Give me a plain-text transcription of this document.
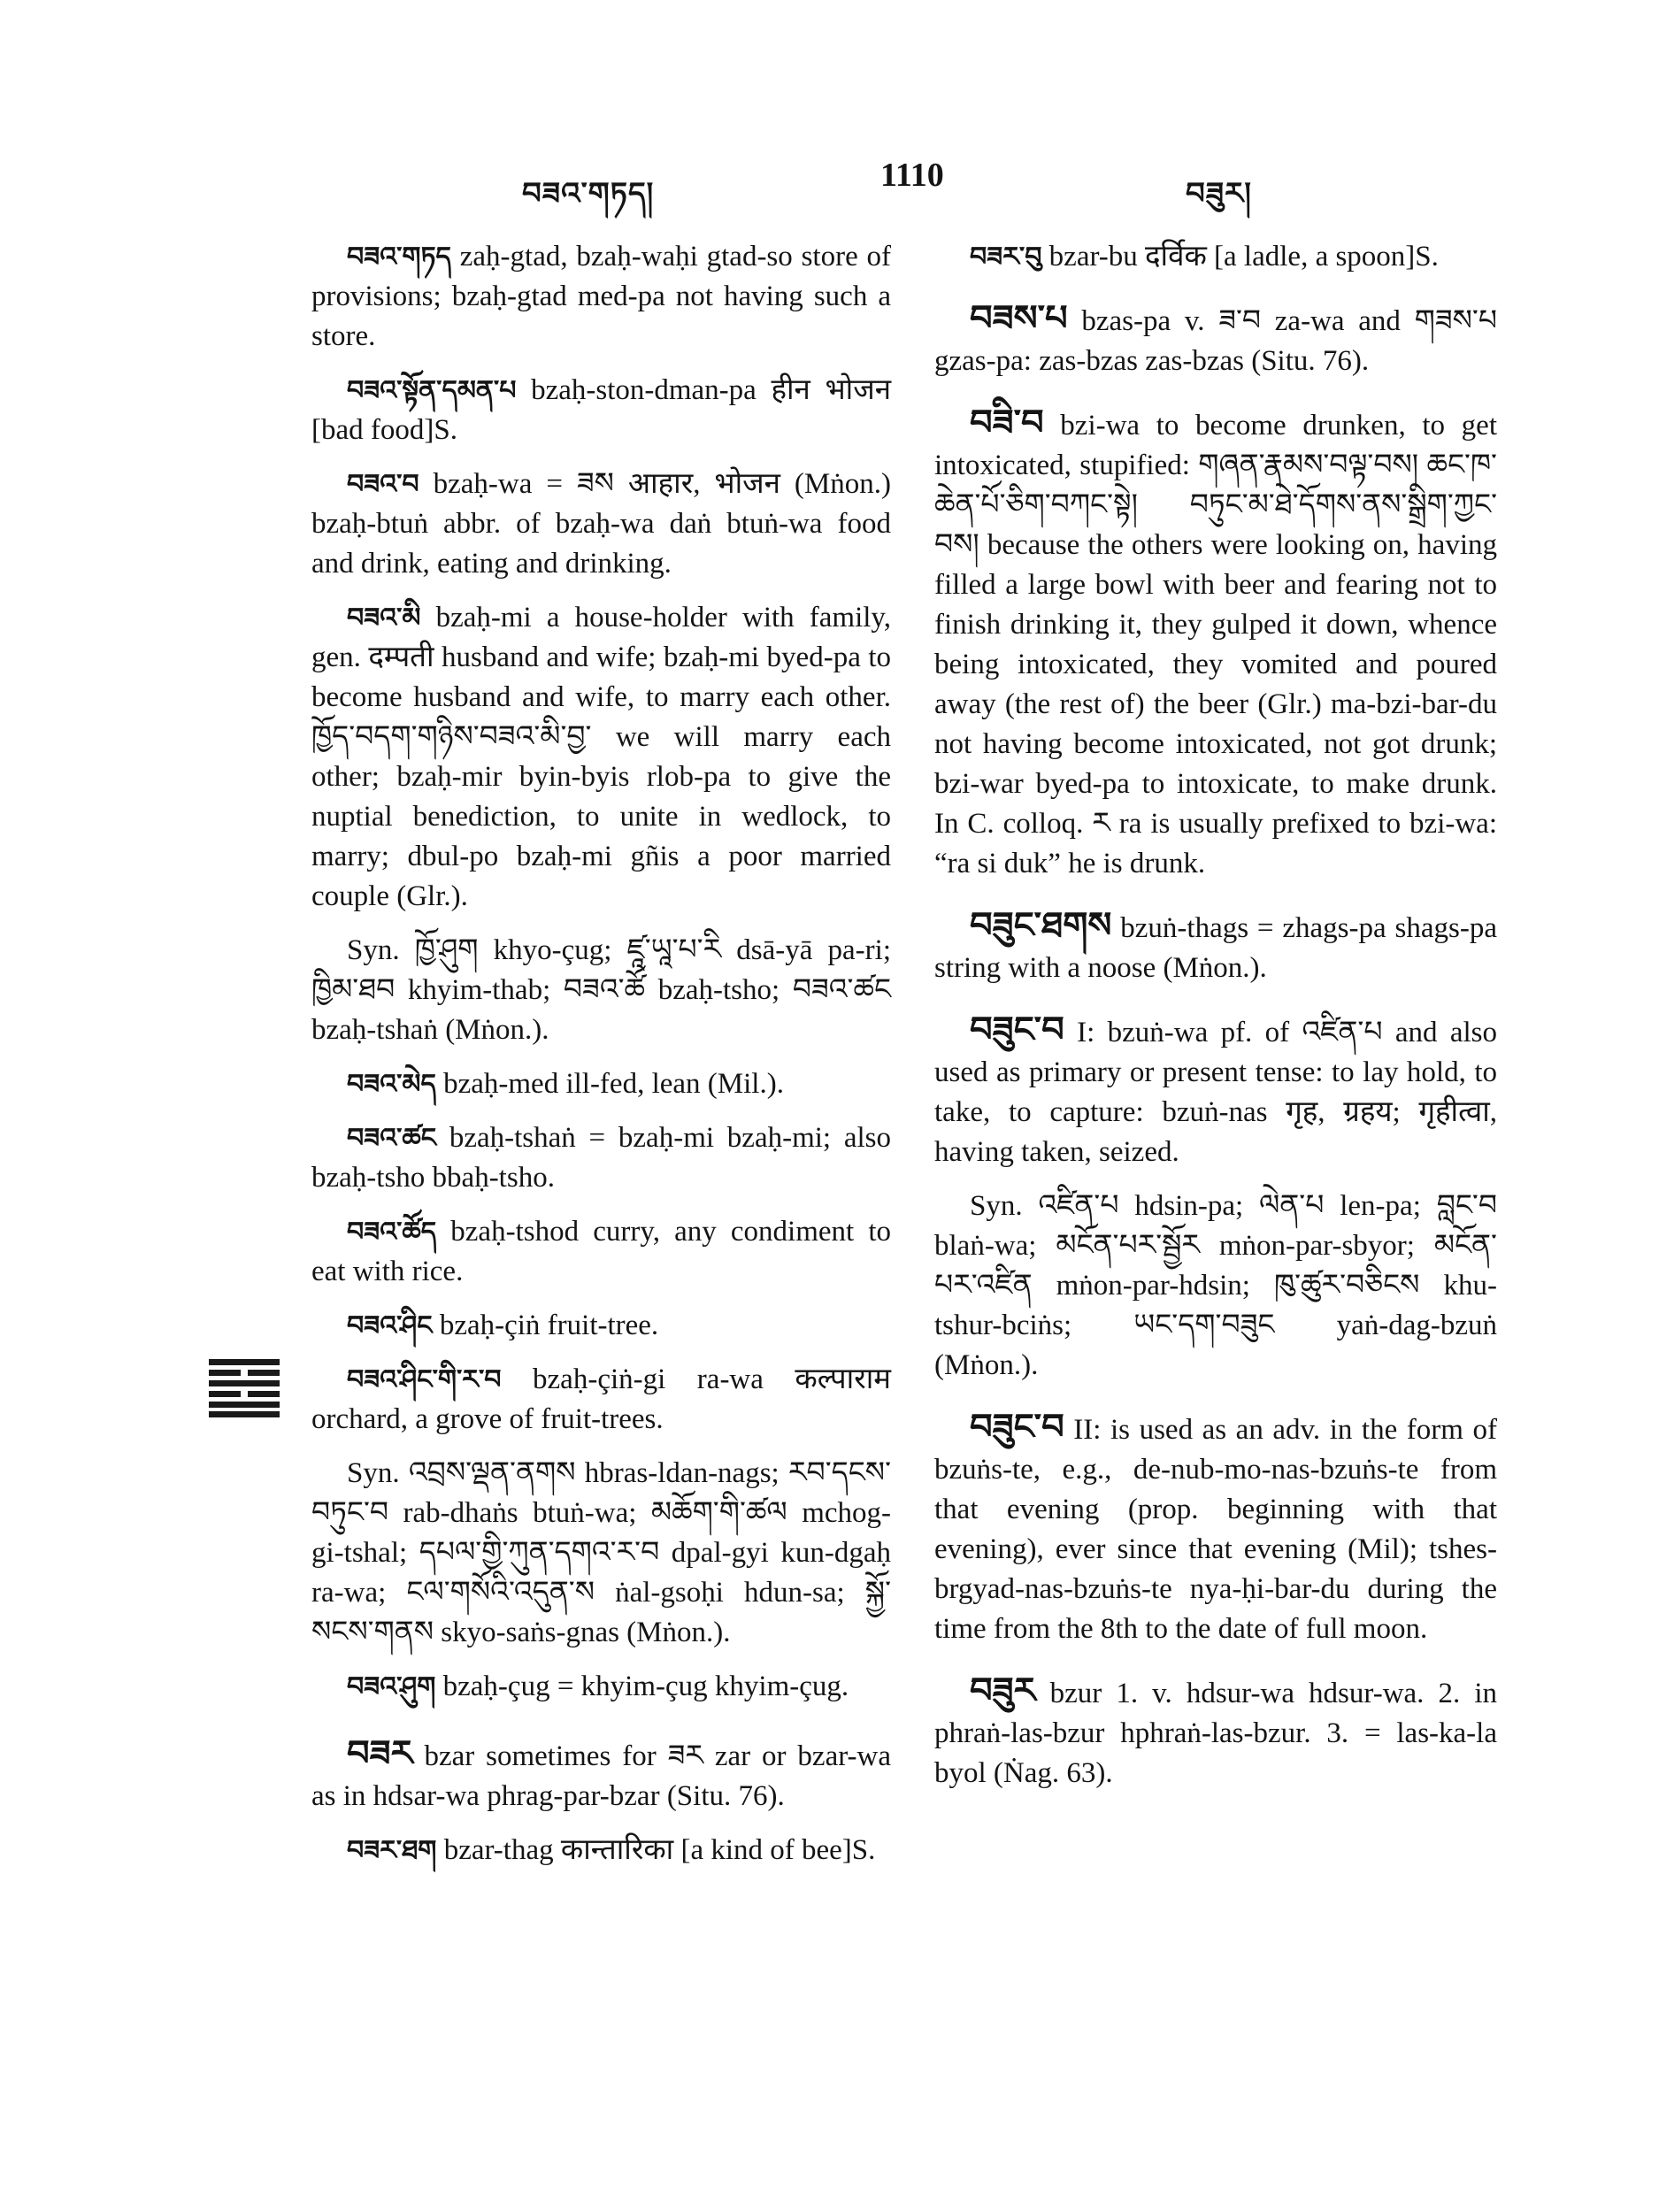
བཟའ་གཏད།
1110
བཟུར།

བཟའ་གཏད zaḥ-gtad, bzaḥ-waḥi gtad-so store of provisions; bzaḥ-gtad med-pa not having such a store.

བཟའ་སྟོན་དམན་པ bzaḥ-ston-dman-pa हीन भोजन [bad food]S.

བཟའ་བ bzaḥ-wa = ཟས आहार, भोजन (Mṅon.) bzaḥ-btuṅ abbr. of bzaḥ-wa daṅ btuṅ-wa food and drink, eating and drinking.

བཟའ་མི bzaḥ-mi a house-holder with family, gen. दम्पती husband and wife; bzaḥ-mi byed-pa to become husband and wife, to marry each other. ཁྱོད་བདག་གཉིས་བཟའ་མི་བྱ་ we will marry each other; bzaḥ-mir byin-byis rlob-pa to give the nuptial benediction, to unite in wedlock, to marry; dbul-po bzaḥ-mi gñis a poor married couple (Glr.).

Syn. ཁྱོ་ཤུག khyo-çug; ཛཱ་ཡཱ་པ་རི dsā-yā pa-ri; ཁྱིམ་ཐབ khyim-thab; བཟའ་ཚོ bzaḥ-tsho; བཟའ་ཚང bzaḥ-tshaṅ (Mṅon.).

བཟའ་མེད bzaḥ-med ill-fed, lean (Mil.).

བཟའ་ཚང bzaḥ-tshaṅ = bzaḥ-mi bzaḥ-mi; also bzaḥ-tsho bbaḥ-tsho.

བཟའ་ཚོད bzaḥ-tshod curry, any condiment to eat with rice.

བཟའ་ཤིང bzaḥ-çiṅ fruit-tree.

བཟའ་ཤིང་གི་ར་བ bzaḥ-çiṅ-gi ra-wa कल्पाराम orchard, a grove of fruit-trees.

Syn. འབྲས་ལྡན་ནགས hbras-ldan-nags; རབ་དངས་བཏུང་བ rab-dhaṅs btuṅ-wa; མཆོག་གི་ཚལ mchog-gi-tshal; དཔལ་གྱི་ཀུན་དགའ་ར་བ dpal-gyi kun-dgaḥ ra-wa; ངལ་གསོའི་འདུན་ས ṅal-gsoḥi hdun-sa; སྐྱོ་སངས་གནས skyo-saṅs-gnas (Mṅon.).

བཟའ་ཤུག bzaḥ-çug = khyim-çug khyim-çug.

བཟར bzar sometimes for ཟར zar or bzar-wa as in hdsar-wa phrag-par-bzar (Situ. 76).

བཟར་ཐག bzar-thag कान्तारिका [a kind of bee]S.

བཟར་བུ bzar-bu दर्विक [a ladle, a spoon]S.

བཟས་པ bzas-pa v. ཟ་བ za-wa and གཟས་པ gzas-pa: zas-bzas zas-bzas (Situ. 76).

བཟི་བ bzi-wa to become drunken, to get intoxicated, stupified: གཞན་རྣམས་བལྟ་བས། ཆང་ཁ་ཆེན་པོ་ཅིག་བཀང་སྟེ། བཏུང་མ་ཐེ་དོགས་ནས་སྒྲིག་ཀྱང་བས། because the others were looking on, having filled a large bowl with beer and fearing not to finish drinking it, they gulped it down, whence being intoxicated, they vomited and poured away (the rest of) the beer (Glr.) ma-bzi-bar-du not having become intoxicated, not got drunk; bzi-war byed-pa to intoxicate, to make drunk. In C. colloq. ར ra is usually prefixed to bzi-wa: “ra si duk” he is drunk.

བཟུང་ཐགས bzuṅ-thags = zhags-pa shags-pa string with a noose (Mṅon.).

བཟུང་བ I: bzuṅ-wa pf. of འཛིན་པ and also used as primary or present tense: to lay hold, to take, to capture: bzuṅ-nas गृह, ग्रहय; गृहीत्वा, having taken, seized.

Syn. འཛིན་པ hdsin-pa; ལེན་པ len-pa; བླང་བ blaṅ-wa; མངོན་པར་སྦྱོར mṅon-par-sbyor; མངོན་པར་འཛིན mṅon-par-hdsin; ཁུ་ཚུར་བཅིངས khu-tshur-bciṅs; ཡང་དག་བཟུང yaṅ-dag-bzuṅ (Mṅon.).

བཟུང་བ II: is used as an adv. in the form of bzuṅs-te, e.g., de-nub-mo-nas-bzuṅs-te from that evening (prop. beginning with that evening), ever since that evening (Mil); tshes-brgyad-nas-bzuṅs-te nya-ḥi-bar-du during the time from the 8th to the date of full moon.

བཟུར bzur 1. v. hdsur-wa hdsur-wa. 2. in phraṅ-las-bzur hphraṅ-las-bzur. 3. = las-ka-la byol (Ṅag. 63).
